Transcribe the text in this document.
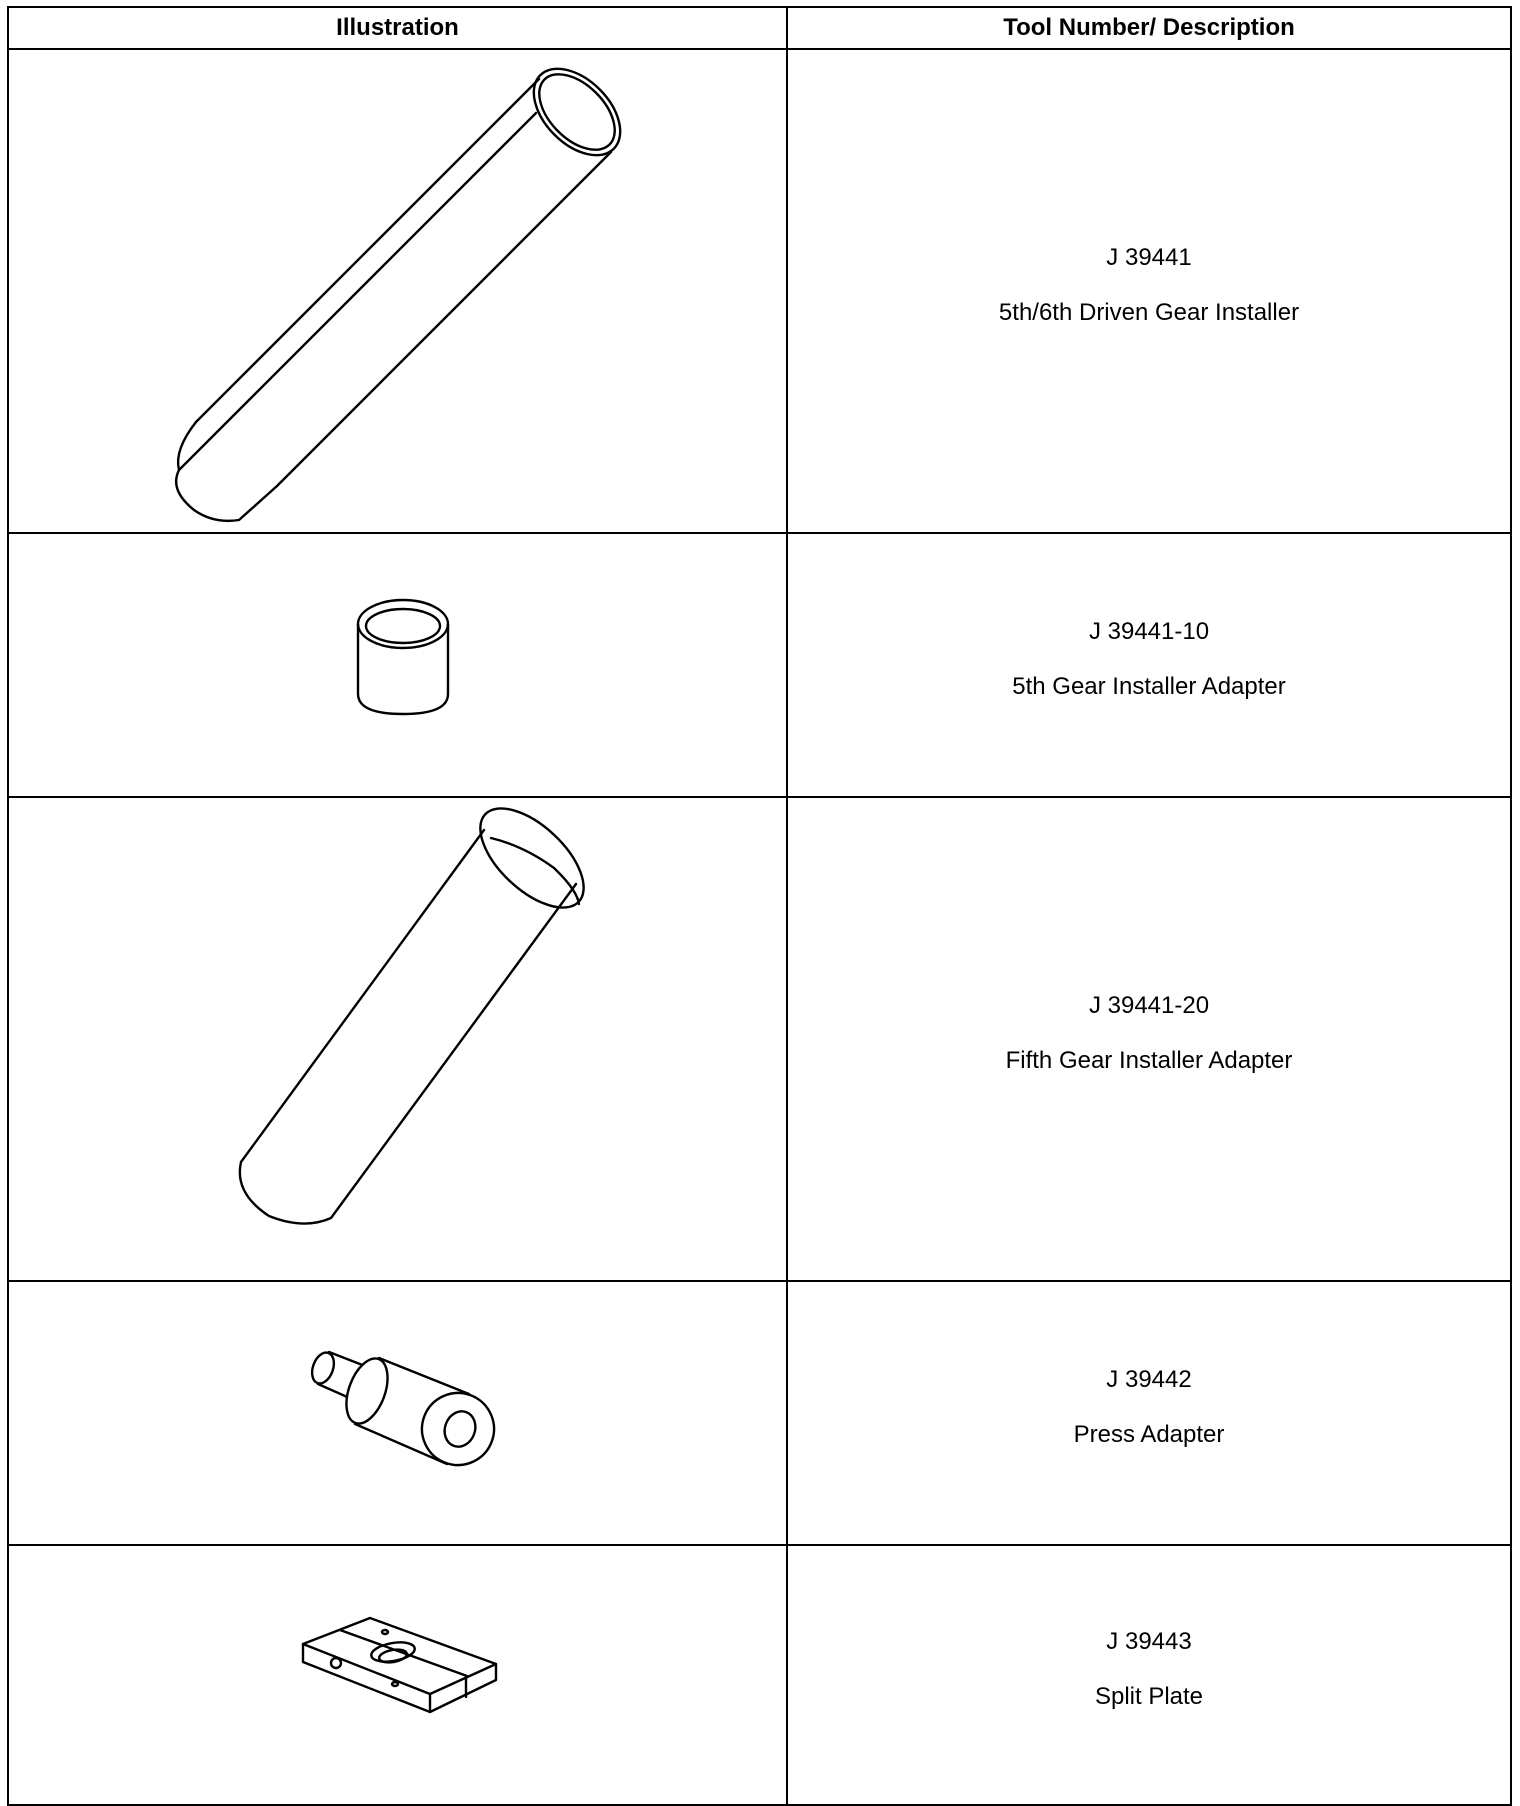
Illustration	Tool Number/ Description

J 39441
5th/6th Driven Gear Installer

J 39441-10
5th Gear Installer Adapter

J 39441-20
Fifth Gear Installer Adapter

J 39442
Press Adapter

J 39443
Split Plate
